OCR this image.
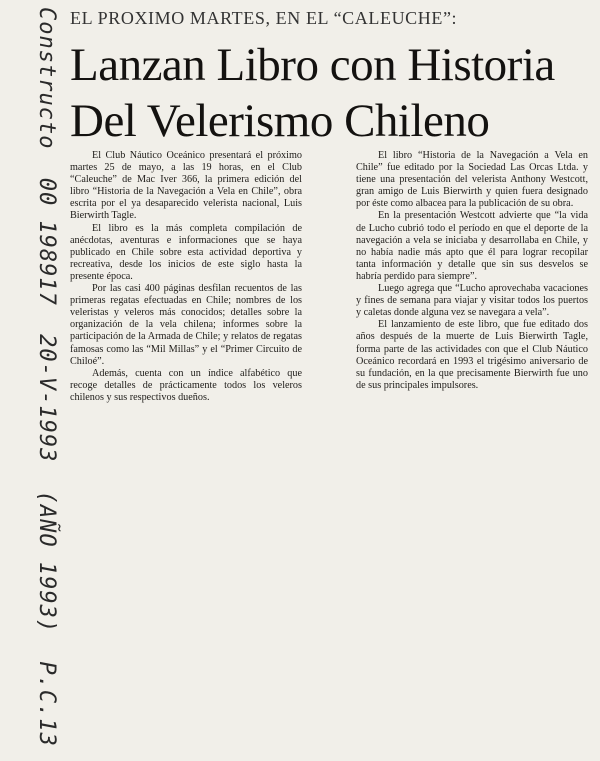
Constructo 00 198917 20-V-1993 (AÑO 1993) P.C.13
EL PROXIMO MARTES, EN EL “CALEUCHE”:
Lanzan Libro con Historia
Del Velerismo Chileno

El Club Náutico Oceánico presentará el próximo martes 25 de mayo, a las 19 horas, en el Club “Caleuche” de Mac Iver 366, la primera edición del libro “Historia de la Navegación a Vela en Chile”, obra escrita por el ya desaparecido velerista nacional, Luis Bierwirth Tagle.

El libro es la más completa compilación de anécdotas, aventuras e informaciones que se haya publicado en Chile sobre esta actividad deportiva y recreativa, desde los inicios de este siglo hasta la presente época.

Por las casi 400 páginas desfilan recuentos de las primeras regatas efectuadas en Chile; nombres de los veleristas y veleros más conocidos; detalles sobre la organización de la vela chilena; informes sobre la participación de la Armada de Chile; y relatos de regatas famosas como las “Mil Millas” y el “Primer Circuito de Chiloé”.

Además, cuenta con un índice alfabético que recoge detalles de prácticamente todos los veleros chilenos y sus respectivos dueños.

El libro “Historia de la Navegación a Vela en Chile” fue editado por la Sociedad Las Orcas Ltda. y tiene una presentación del velerista Anthony Westcott, gran amigo de Luis Bierwirth y quien fuera designado por éste como albacea para la publicación de su obra.

En la presentación Westcott advierte que “la vida de Lucho cubrió todo el período en que el deporte de la navegación a vela se iniciaba y desarrollaba en Chile, y no había nadie más apto que él para lograr recopilar tanta información y detalle que sin sus desvelos se habría perdido para siempre”.

Luego agrega que “Lucho aprovechaba vacaciones y fines de semana para viajar y visitar todos los puertos y caletas donde alguna vez se navegara a vela”.

El lanzamiento de este libro, que fue editado dos años después de la muerte de Luis Bierwirth Tagle, forma parte de las actividades con que el Club Náutico Oceánico recordará en 1993 el trigésimo aniversario de su fundación, en la que precisamente Bierwirth fue uno de sus principales impulsores.
